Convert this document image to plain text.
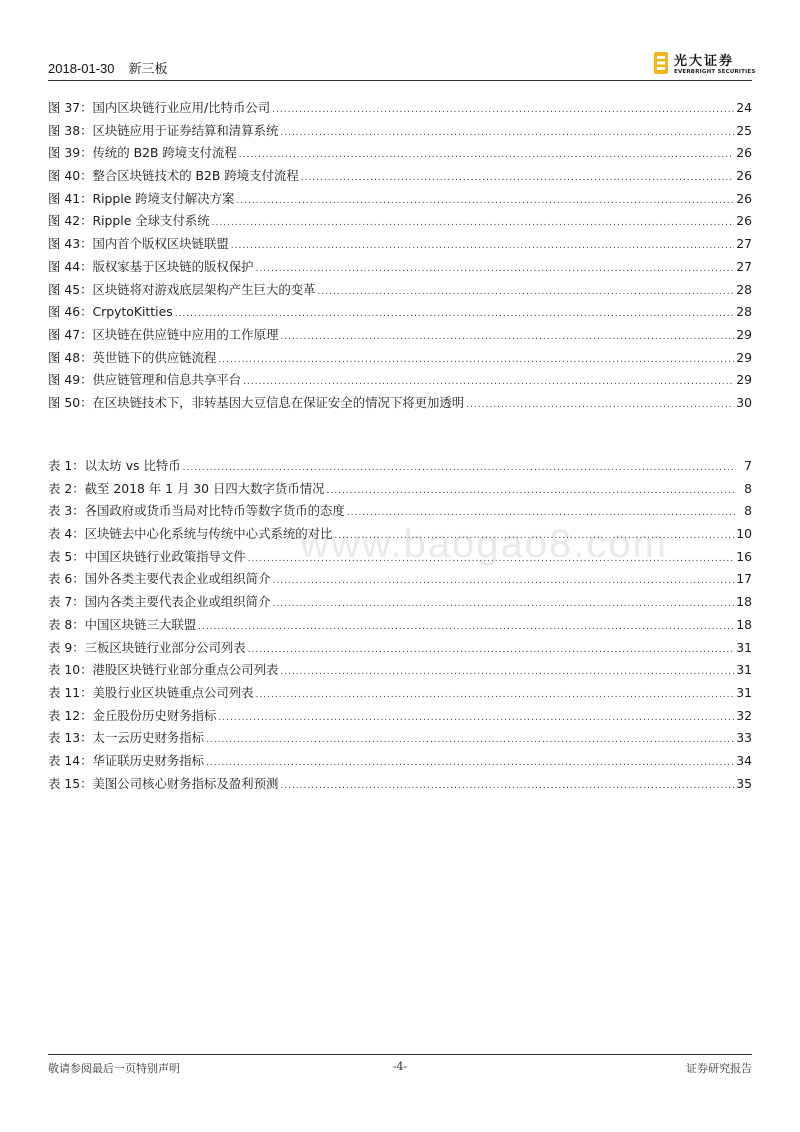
2018-01-30 新三板	光大证券
EVERBRIGHT SECURITIES
www.baogao8.com
图 37：国内区块链行业应用/比特币公司 .....	24
图 38：区块链应用于证券结算和清算系统 .....	25
图 39：传统的 B2B 跨境支付流程 .....	26
图 40：整合区块链技术的 B2B 跨境支付流程 .....	26
图 41：Ripple 跨境支付解决方案 .....	26
图 42：Ripple 全球支付系统 .....	26
图 43：国内首个版权区块链联盟 .....	27
图 44：版权家基于区块链的版权保护 .....	27
图 45：区块链将对游戏底层架构产生巨大的变革 .....	28
图 46：CrpytoKitties .....	28
图 47：区块链在供应链中应用的工作原理 .....	29
图 48：英世链下的供应链流程 .....	29
图 49：供应链管理和信息共享平台 .....	29
图 50：在区块链技术下，非转基因大豆信息在保证安全的情况下将更加透明 .....	30
表 1：以太坊 vs 比特币 .....	7
表 2：截至 2018 年 1 月 30 日四大数字货币情况 .....	8
表 3：各国政府或货币当局对比特币等数字货币的态度 .....	8
表 4：区块链去中心化系统与传统中心式系统的对比 .....	10
表 5：中国区块链行业政策指导文件 .....	16
表 6：国外各类主要代表企业或组织简介 .....	17
表 7：国内各类主要代表企业或组织简介 .....	18
表 8：中国区块链三大联盟 .....	18
表 9：三板区块链行业部分公司列表 .....	31
表 10：港股区块链行业部分重点公司列表 .....	31
表 11：美股行业区块链重点公司列表 .....	31
表 12：金丘股份历史财务指标 .....	32
表 13：太一云历史财务指标 .....	33
表 14：华证联历史财务指标 .....	34
表 15：美图公司核心财务指标及盈利预测 .....	35
敬请参阅最后一页特别声明	-4-	证券研究报告
